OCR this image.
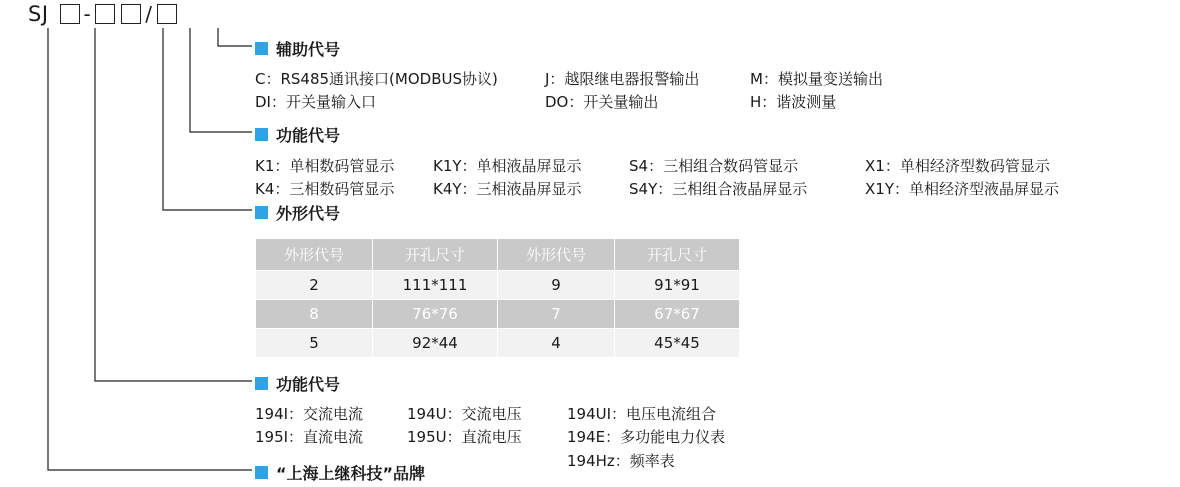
SJ -	/
辅助代号
C：RS485通讯接口(MODBUS协议)	J：越限继电器报警输出	M：模拟量变送输出
DI：开关量输入口	DO：开关量输出	H：谐波测量
功能代号
K1：单相数码管显示	K1Y：单相液晶屏显示	S4：三相组合数码管显示	X1：单相经济型数码管显示
K4：三相数码管显示	K4Y：三相液晶屏显示	S4Y：三相组合液晶屏显示	X1Y：单相经济型液晶屏显示
外形代号
外形代号	开孔尺寸	外形代号	开孔尺寸
2	111*111	9	91*91
8	76*76	7	67*67
5	92*44	4	45*45
功能代号
194I：交流电流	194U：交流电压	194UI：电压电流组合
195I：直流电流	195U：直流电压	194E：多功能电力仪表
194Hz：频率表
“上海上继科技”品牌
